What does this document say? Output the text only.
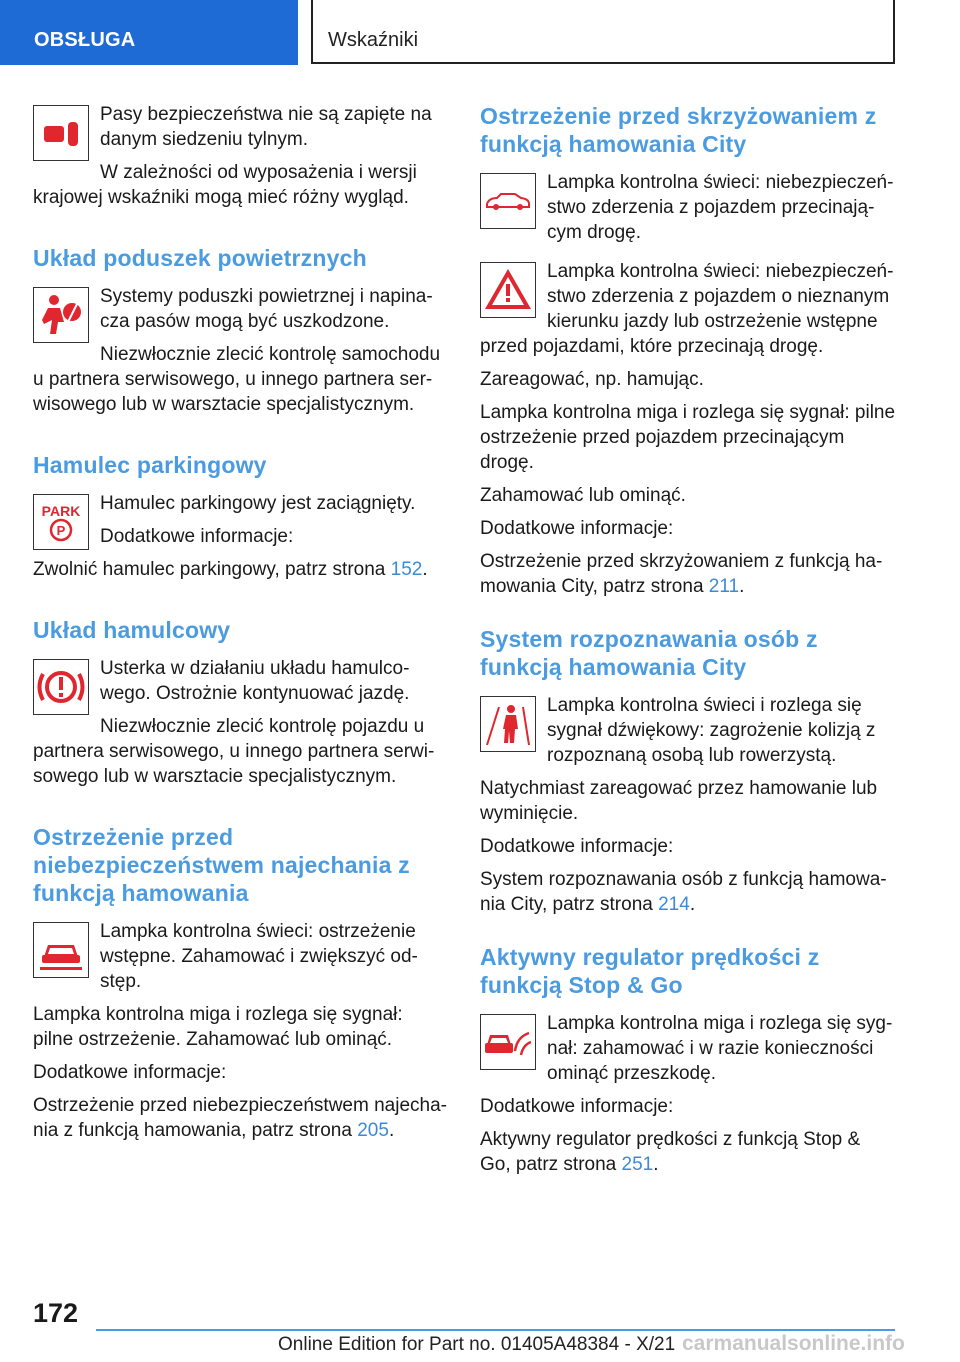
OBSŁUGA	Wskaźniki

Pasy bezpieczeństwa nie są zapięte na danym siedzeniu tylnym.

W zależności od wyposażenia i wersji krajowej wskaźniki mogą mieć różny wygląd.

Układ poduszek powietrznych

Systemy poduszki powietrznej i napinacza pasów mogą być uszkodzone.

Niezwłocznie zlecić kontrolę samochodu u partnera serwisowego, u innego partnera serwisowego lub w warsztacie specjalistycznym.

Hamulec parkingowy
PARK
P

Hamulec parkingowy jest zaciągnięty.

Dodatkowe informacje:

Zwolnić hamulec parkingowy, patrz strona 152.

Układ hamulcowy

Usterka w działaniu układu hamulcowego. Ostrożnie kontynuować jazdę.

Niezwłocznie zlecić kontrolę pojazdu u partnera serwisowego, u innego partnera serwisowego lub w warsztacie specjalistycznym.

Ostrzeżenie przed niebezpieczeństwem najechania z funkcją hamowania

Lampka kontrolna świeci: ostrzeżenie wstępne. Zahamować i zwiększyć odstęp.

Lampka kontrolna miga i rozlega się sygnał: pilne ostrzeżenie. Zahamować lub ominąć.

Dodatkowe informacje:

Ostrzeżenie przed niebezpieczeństwem najechania z funkcją hamowania, patrz strona 205.

Ostrzeżenie przed skrzyżowaniem z funkcją hamowania City

Lampka kontrolna świeci: niebezpieczeństwo zderzenia z pojazdem przecinającym drogę.

Lampka kontrolna świeci: niebezpieczeństwo zderzenia z pojazdem o nieznanym kierunku jazdy lub ostrzeżenie wstępne przed pojazdami, które przecinają drogę.

Zareagować, np. hamując.

Lampka kontrolna miga i rozlega się sygnał: pilne ostrzeżenie przed pojazdem przecinającym drogę.

Zahamować lub ominąć.

Dodatkowe informacje:

Ostrzeżenie przed skrzyżowaniem z funkcją hamowania City, patrz strona 211.

System rozpoznawania osób z funkcją hamowania City

Lampka kontrolna świeci i rozlega się sygnał dźwiękowy: zagrożenie kolizją z rozpoznaną osobą lub rowerzystą.

Natychmiast zareagować przez hamowanie lub wyminięcie.

Dodatkowe informacje:

System rozpoznawania osób z funkcją hamowania City, patrz strona 214.

Aktywny regulator prędkości z funkcją Stop & Go

Lampka kontrolna miga i rozlega się sygnał: zahamować i w razie konieczności ominąć przeszkodę.

Dodatkowe informacje:

Aktywny regulator prędkości z funkcją Stop & Go, patrz strona 251.

172
Online Edition for Part no. 01405A48384 - X/21 carmanualsonline.info
